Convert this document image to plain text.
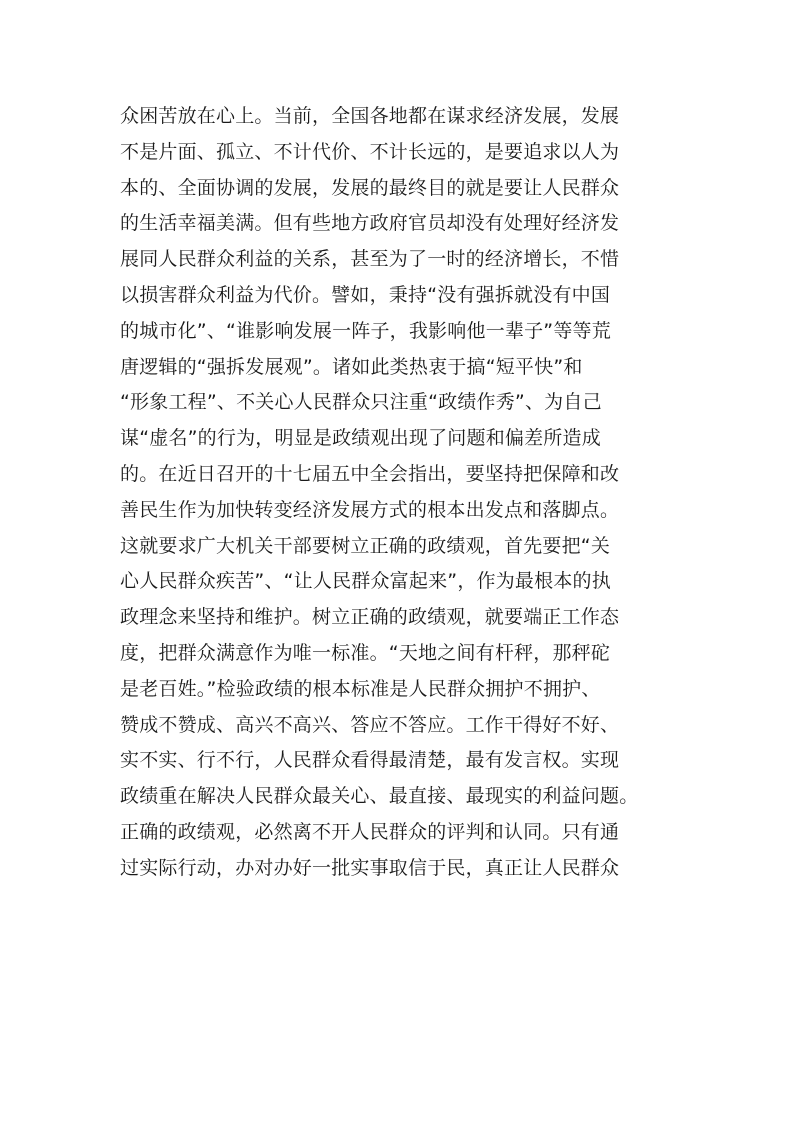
众困苦放在心上。当前，全国各地都在谋求经济发展，发展
不是片面、孤立、不计代价、不计长远的，是要追求以人为
本的、全面协调的发展，发展的最终目的就是要让人民群众
的生活幸福美满。但有些地方政府官员却没有处理好经济发
展同人民群众利益的关系，甚至为了一时的经济增长，不惜
以损害群众利益为代价。譬如，秉持“没有强拆就没有中国
的城市化”、“谁影响发展一阵子，我影响他一辈子”等等荒
唐逻辑的“强拆发展观”。诸如此类热衷于搞“短平快”和
“形象工程”、不关心人民群众只注重“政绩作秀”、为自己
谋“虚名”的行为，明显是政绩观出现了问题和偏差所造成
的。在近日召开的十七届五中全会指出，要坚持把保障和改
善民生作为加快转变经济发展方式的根本出发点和落脚点。
这就要求广大机关干部要树立正确的政绩观，首先要把“关
心人民群众疾苦”、“让人民群众富起来”，作为最根本的执
政理念来坚持和维护。树立正确的政绩观，就要端正工作态
度，把群众满意作为唯一标准。“天地之间有杆秤，那秤砣
是老百姓。”检验政绩的根本标准是人民群众拥护不拥护、
赞成不赞成、高兴不高兴、答应不答应。工作干得好不好、
实不实、行不行，人民群众看得最清楚，最有发言权。实现
政绩重在解决人民群众最关心、最直接、最现实的利益问题。
正确的政绩观，必然离不开人民群众的评判和认同。只有通
过实际行动，办对办好一批实事取信于民，真正让人民群众
